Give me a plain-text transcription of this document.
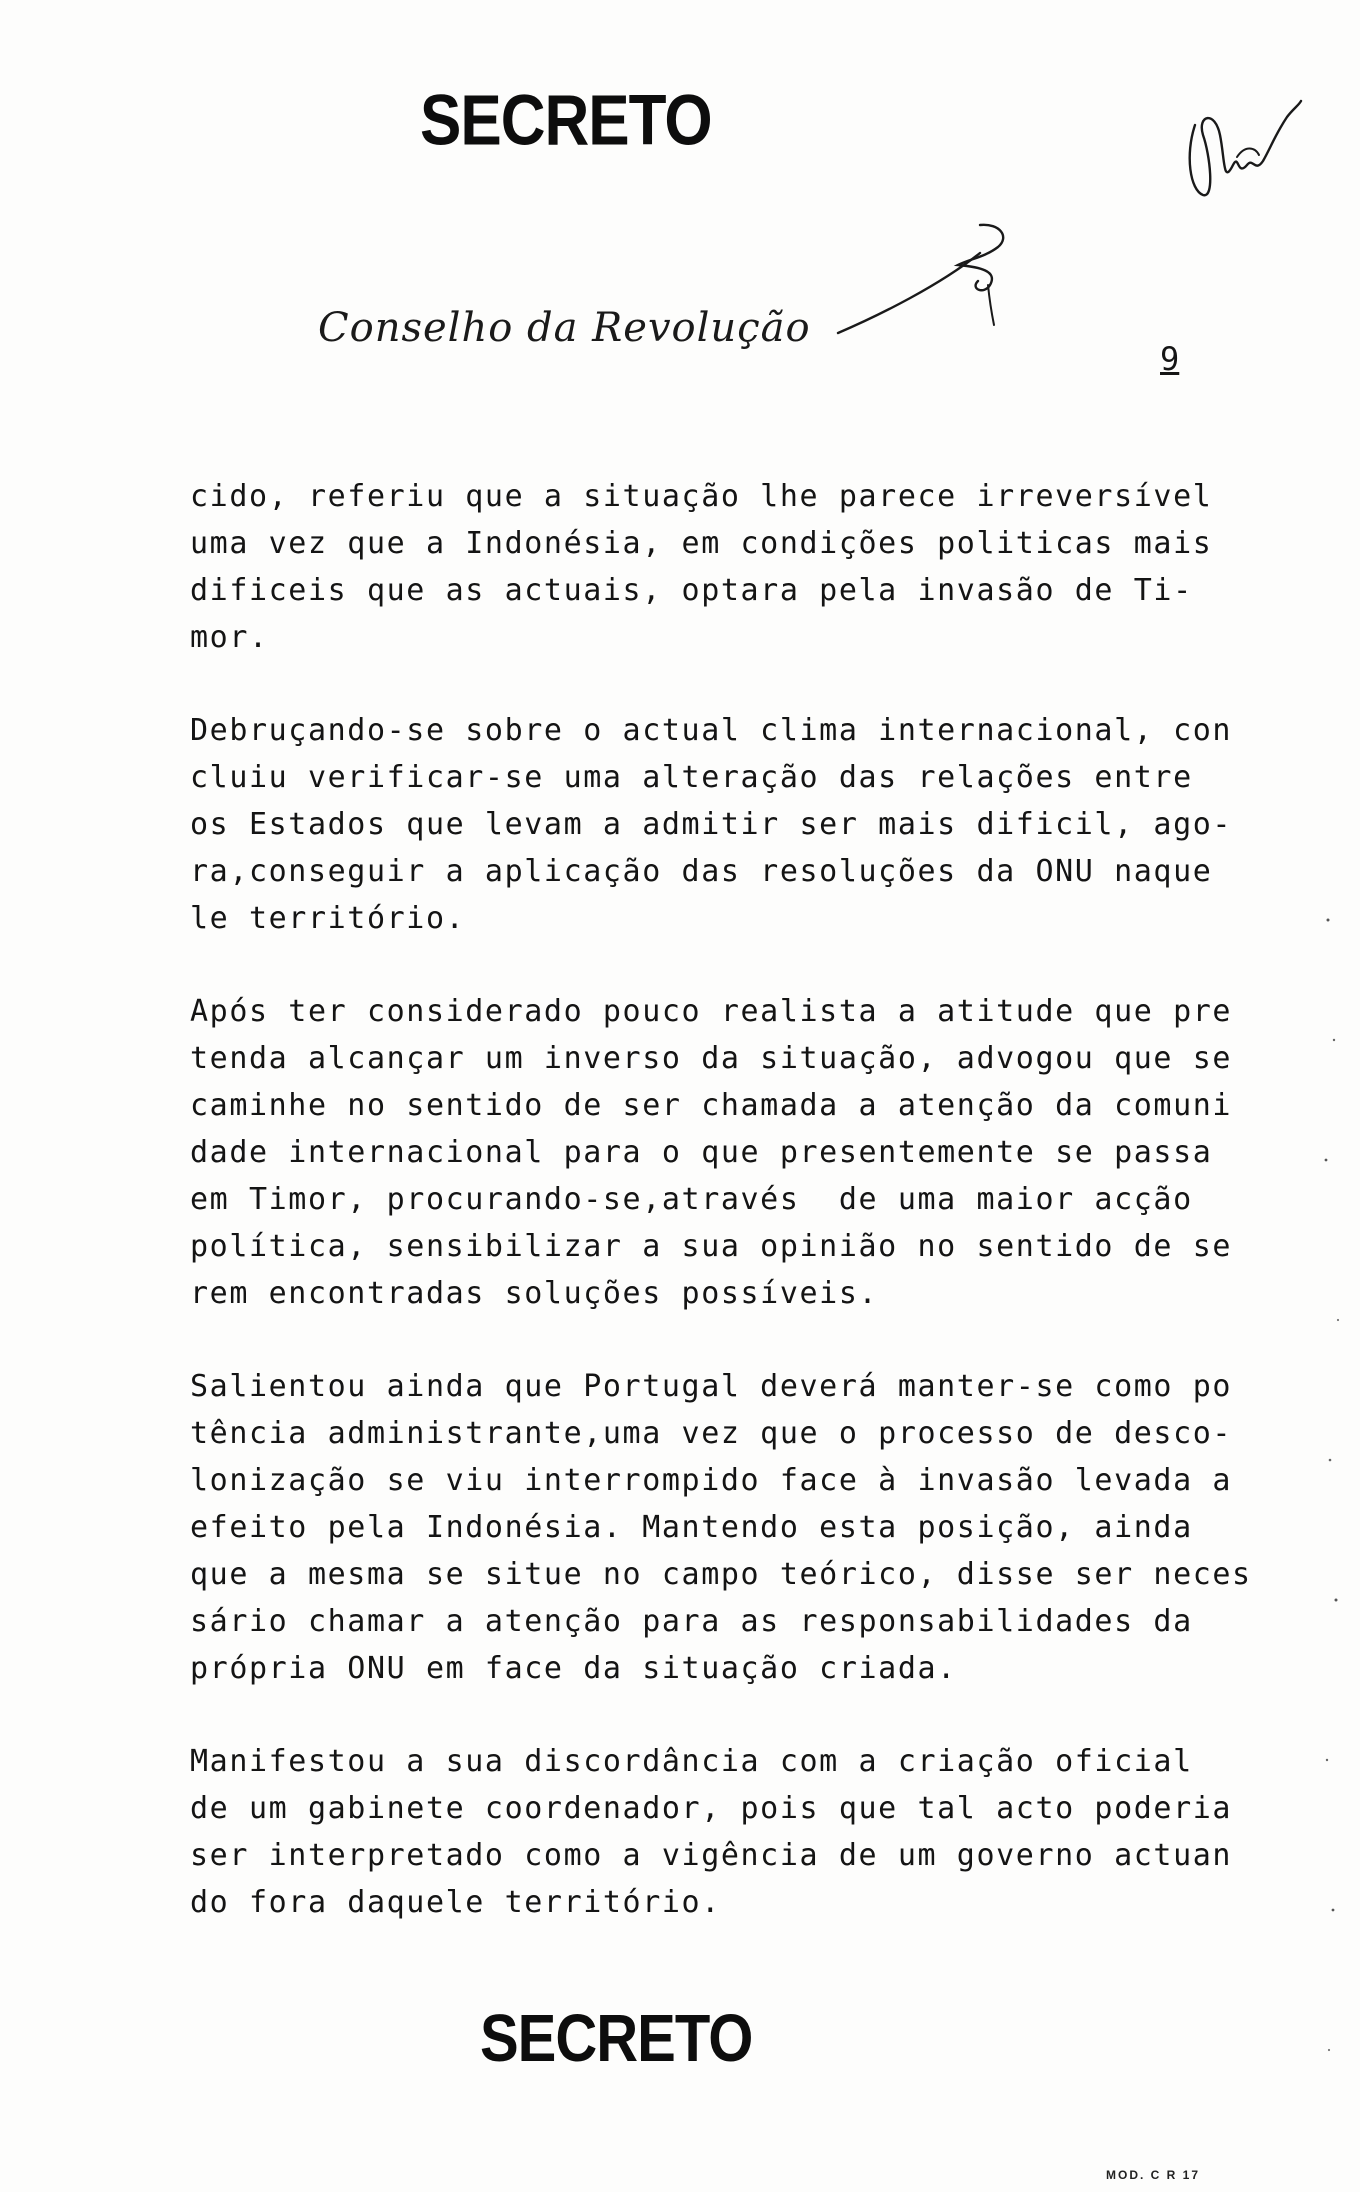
SECRETO
Conselho da Revolução
9
cido, referiu que a situação lhe parece irreversível
uma vez que a Indonésia, em condições politicas mais
dificeis que as actuais, optara pela invasão de Ti-
mor.
Debruçando-se sobre o actual clima internacional, con
cluiu verificar-se uma alteração das relações entre
os Estados que levam a admitir ser mais dificil, ago-
ra,conseguir a aplicação das resoluções da ONU naque
le território.
Após ter considerado pouco realista a atitude que pre
tenda alcançar um inverso da situação, advogou que se
caminhe no sentido de ser chamada a atenção da comuni
dade internacional para o que presentemente se passa
em Timor, procurando-se,através  de uma maior acção
política, sensibilizar a sua opinião no sentido de se
rem encontradas soluções possíveis.
Salientou ainda que Portugal deverá manter-se como po
tência administrante,uma vez que o processo de desco-
lonização se viu interrompido face à invasão levada a
efeito pela Indonésia. Mantendo esta posição, ainda
que a mesma se situe no campo teórico, disse ser neces
sário chamar a atenção para as responsabilidades da
própria ONU em face da situação criada.
Manifestou a sua discordância com a criação oficial
de um gabinete coordenador, pois que tal acto poderia
ser interpretado como a vigência de um governo actuan
do fora daquele território.
SECRETO
MOD. C R 17
